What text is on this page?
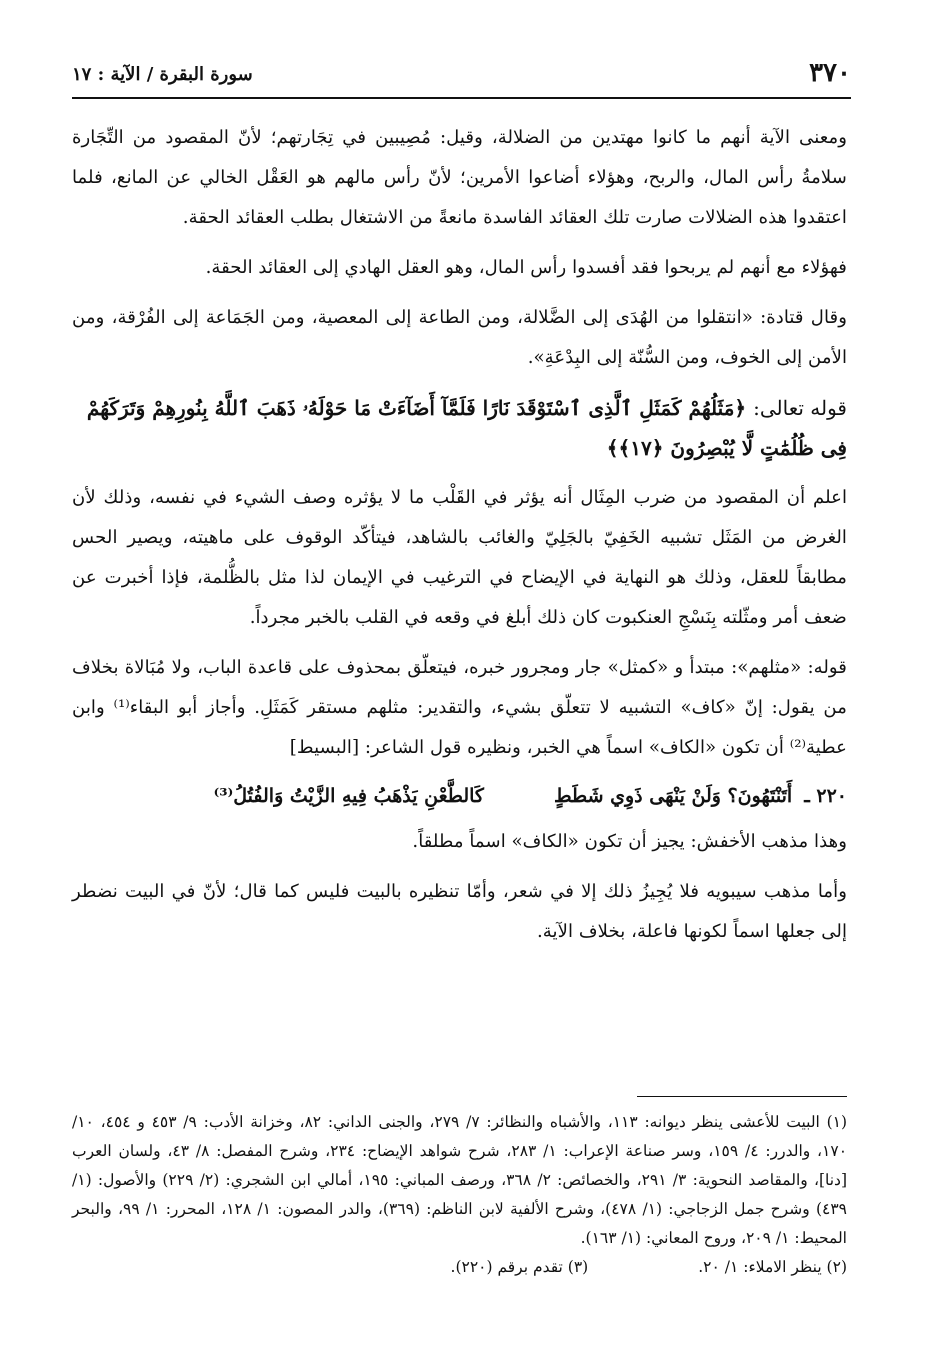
٣٧٠
سورة البقرة / الآية : ١٧

ومعنى الآية أنهم ما كانوا مهتدين من الضلالة، وقيل: مُصِيبين في تِجَارتهم؛ لأنّ المقصود من التِّجَارة سلامةُ رأس المال، والربح، وهؤلاء أضاعوا الأمرين؛ لأنّ رأس مالهم هو العَقْل الخالي عن المانع، فلما اعتقدوا هذه الضلالات صارت تلك العقائد الفاسدة مانعةً من الاشتغال بطلب العقائد الحقة.

فهؤلاء مع أنهم لم يربحوا فقد أفسدوا رأس المال، وهو العقل الهادي إلى العقائد الحقة.

وقال قتادة: «انتقلوا من الهُدَى إلى الضَّلالة، ومن الطاعة إلى المعصية، ومن الجَمَاعة إلى الفُرْقة، ومن الأمن إلى الخوف، ومن السُّنّة إلى البِدْعَةِ».

قوله تعالى: ﴿مَثَلُهُمْ كَمَثَلِ ٱلَّذِى ٱسْتَوْقَدَ نَارًا فَلَمَّآ أَضَآءَتْ مَا حَوْلَهُۥ ذَهَبَ ٱللَّهُ بِنُورِهِمْ وَتَرَكَهُمْ فِى ظُلُمَٰتٍ لَّا يُبْصِرُونَ ﴿١٧﴾﴾

اعلم أن المقصود من ضرب المِثَال أنه يؤثر في القَلْب ما لا يؤثره وصف الشيء في نفسه، وذلك لأن الغرض من المَثَل تشبيه الخَفِيّ بالجَلِيّ والغائب بالشاهد، فيتأكّد الوقوف على ماهيته، ويصير الحس مطابقاً للعقل، وذلك هو النهاية في الإيضاح في الترغيب في الإيمان لذا مثل بالظُّلمة، فإذا أخبرت عن ضعف أمر ومثّلته بِنَسْجِ العنكبوت كان ذلك أبلغ في وقعه في القلب بالخبر مجرداً.

قوله: «مثلهم»: مبتدأ و «كمثل» جار ومجرور خبره، فيتعلّق بمحذوف على قاعدة الباب، ولا مُبَالاة بخلاف من يقول: إنّ «كاف» التشبيه لا تتعلّق بشيء، والتقدير: مثلهم مستقر كَمَثَلِ. وأجاز أبو البقاء⁽¹⁾ وابن عطية⁽²⁾ أن تكون «الكاف» اسماً هي الخبر، ونظيره قول الشاعر: [البسيط]

٢٢٠ ـ
أَتَنْتَهُونَ؟ وَلَنْ يَنْهَى ذَوِي شَطَطٍ
كَالطَّعْنِ يَذْهَبُ فِيهِ الزَّيْتُ وَالفُتُلُ⁽³⁾

وهذا مذهب الأخفش: يجيز أن تكون «الكاف» اسماً مطلقاً.

وأما مذهب سيبويه فلا يُجِيزُ ذلك إلا في شعر، وأمّا تنظيره بالبيت فليس كما قال؛ لأنّ في البيت نضطر إلى جعلها اسماً لكونها فاعلة، بخلاف الآية.

(١) البيت للأعشى ينظر ديوانه: ١١٣، والأشباه والنظائر: ٧/ ٢٧٩، والجنى الداني: ٨٢، وخزانة الأدب: ٩/ ٤٥٣ و ٤٥٤، ١٠/ ١٧٠، والدرر: ٤/ ١٥٩، وسر صناعة الإعراب: ١/ ٢٨٣، شرح شواهد الإيضاح: ٢٣٤، وشرح المفصل: ٨/ ٤٣، ولسان العرب [دنا]، والمقاصد النحوية: ٣/ ٢٩١، والخصائص: ٢/ ٣٦٨، ورصف المباني: ١٩٥، أمالي ابن الشجري: (٢/ ٢٢٩) والأصول: (١/ ٤٣٩) وشرح جمل الزجاجي: (١/ ٤٧٨)، وشرح الألفية لابن الناظم: (٣٦٩)، والدر المصون: ١/ ١٢٨، المحرر: ١/ ٩٩، والبحر المحيط: ١/ ٢٠٩، وروح المعاني: (١/ ١٦٣).

(٢) ينظر الاملاء: ١/ ٢٠.
(٣) تقدم برقم (٢٢٠).
